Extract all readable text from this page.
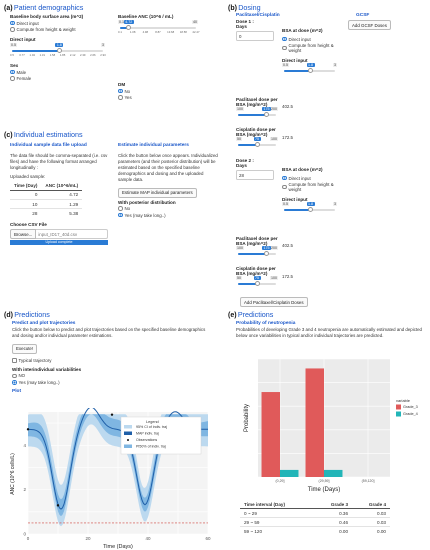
(a) Patient demographics
Baseline body surface area (m^2)
Direct input
Compute from height & weight
Direct input
0.5	3
1.8
0.5 0.77 1.04 1.31 1.58 1.85 2.12 2.39 2.66 2.93
Sex
Male
Female
Baseline ANC (10^6 / mL)
0.1	40
4.72
0.1	1.08	4.98	8.87 13.68 18.58 22.47
DM
No
Yes
(b) Dosing
Paclitaxel/Cisplatin	GCSF
Add GCSF Doses
Dose 1 : Days
0
BSA at dose (m^2)
Direct input
Compute from height & weight
Direct input
0.5	3
1.8
402.5
172.5
Paclitaxel dose per BSA (mg/m^2)
100	200
175
Cisplatin dose per BSA (mg/m^2)
50	100
75
Dose 2 : Days
28
BSA at dose (m^2)
Direct input
Compute from height & weight
Direct input
0.5	3
1.8
402.5
172.5
Paclitaxel dose per BSA (mg/m^2)
100	200
175
Cisplatin dose per BSA (mg/m^2)
50	100
75
Add Paclitaxel/Cisplatin Doses
(c) Individual estimations
Individual sample data file upload
The data file should be comma-separated (i.e. csv files) and have the following format arranged longitudinally :
Uploaded sample:
Time (Day)	ANC (10^6/mL)
0	4.72
10	1.29
28	5.38
Choose CSV File
Browse...	input_ID17_40d.csv
Upload complete
Estimate individual parameters
Click the button below once appears. Individualized parameters (and their posterior distribution) will be estimated based on the specified baseline demographics and dosing and the uploaded sample data.
Estimate MAP individual parameters
With posterior distribution
No
Yes (may take long..)
(d) Predictions
Predict and plot trajectories
Click the button below to predict and plot trajectories based on the specified baseline demographics and dosing and/or individual parameter estimations.
Execute!
Typical trajectory
With interindividual variabilities
NO
Yes (may take long..)
Plot
4
2
0
0	20	40	60
ANC (10^6 cells/L)
Time (Days)
Legend
95% CI of indiv. traj
MAP indiv. traj
Observations
PI50% of indiv. traj
(e) Predictions
Probability of neutropenia
Probabilities of developing Grade 3 and 4 neutropenia are automatically estimated and depicted below once variabilities in typical and/or individual trajectories are predicted.
(0,29]	(29,59]	(59,120]
Probability
Time (Days)
variable
Grade_3
Grade_4
Time interval (Day)	Grade 3	Grade 4
0 ~ 29	0.36	0.03
29 ~ 59	0.46	0.03
59 ~ 120	0.00	0.00
